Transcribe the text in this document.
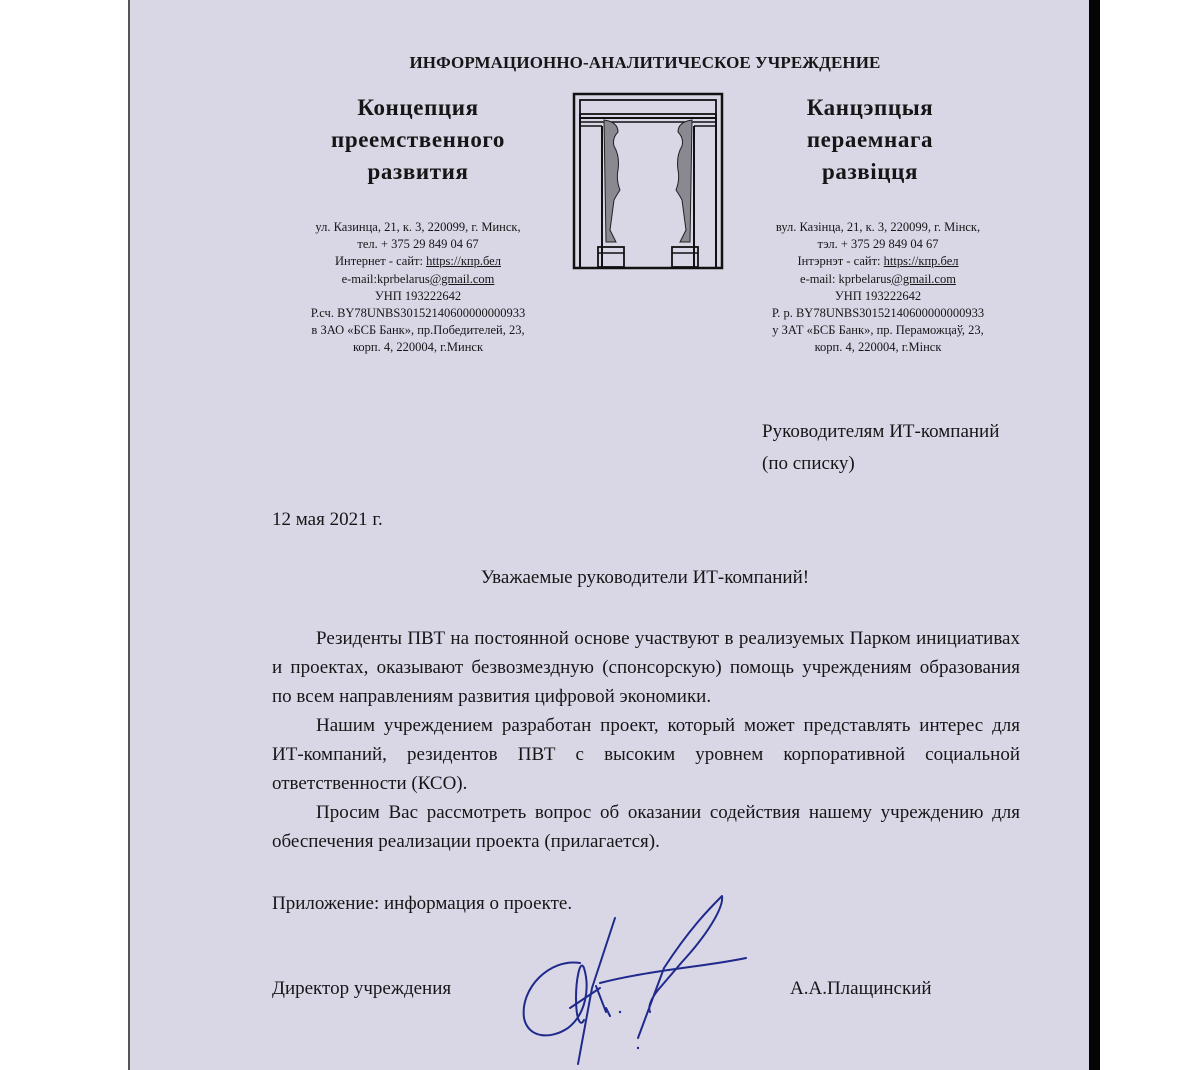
ИНФОРМАЦИОННО-АНАЛИТИЧЕСКОЕ УЧРЕЖДЕНИЕ
Концепция
преемственного
развития
ул. Казинца, 21, к. 3, 220099, г. Минск,
тел. + 375 29 849 04 67
Интернет - сайт: https://кпр.бел
e-mail:kprbelarus@gmail.com
УНП 193222642
Р.сч. BY78UNBS30152140600000000933
в ЗАО «БСБ Банк», пр.Победителей, 23,
корп. 4, 220004, г.Минск
Канцэпцыя
пераемнага
развіцця
вул. Казінца, 21, к. 3, 220099, г. Мінск,
тэл. + 375 29 849 04 67
Інтэрнэт - сайт: https://кпр.бел
e-mail: kprbelarus@gmail.com
УНП 193222642
Р. р. BY78UNBS30152140600000000933
у ЗАТ «БСБ Банк», пр. Пераможцаў, 23,
корп. 4, 220004, г.Мінск
Руководителям ИТ-компаний
(по списку)
12 мая 2021 г.
Уважаемые руководители ИТ-компаний!

Резиденты ПВТ на постоянной основе участвуют в реализуемых Парком инициативах и проектах, оказывают безвозмездную (спонсорскую) помощь учреждениям образования по всем направлениям развития цифровой экономики.

Нашим учреждением разработан проект, который может представлять интерес для ИТ-компаний, резидентов ПВТ с высоким уровнем корпоративной социальной ответственности (КСО).

Просим Вас рассмотреть вопрос об оказании содействия нашему учреждению для обеспечения реализации проекта (прилагается).

Приложение: информация о проекте.
Директор учреждения	А.А.Плащинский
